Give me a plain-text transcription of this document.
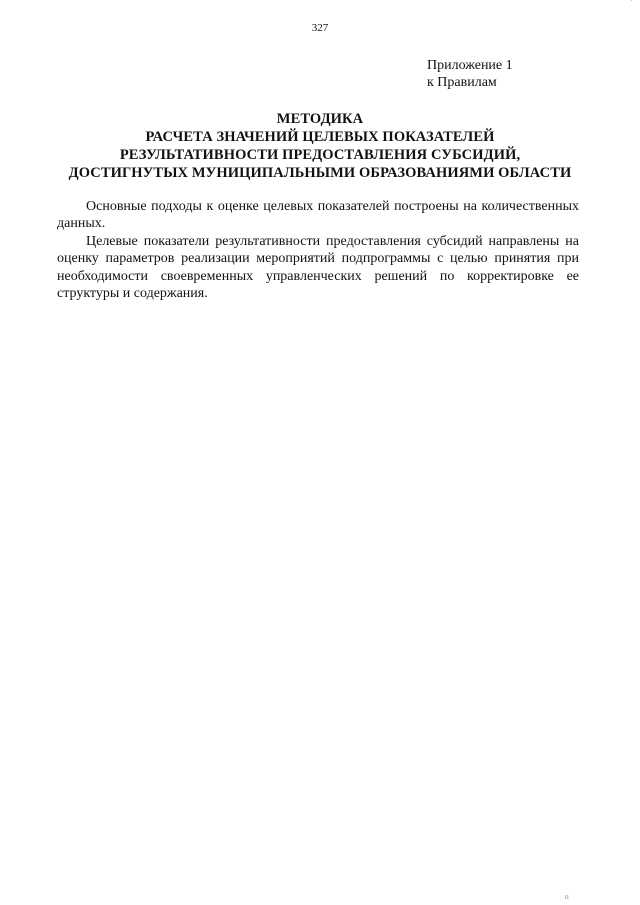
·
327
Приложение 1
к Правилам
МЕТОДИКА
РАСЧЕТА ЗНАЧЕНИЙ ЦЕЛЕВЫХ ПОКАЗАТЕЛЕЙ
РЕЗУЛЬТАТИВНОСТИ ПРЕДОСТАВЛЕНИЯ СУБСИДИЙ,
ДОСТИГНУТЫХ МУНИЦИПАЛЬНЫМИ ОБРАЗОВАНИЯМИ ОБЛАСТИ

Основные подходы к оценке целевых показателей построены на количественных данных.

Целевые показатели результативности предоставления субсидий направлены на оценку параметров реализации мероприятий подпрограммы с целью принятия при необходимости своевременных управленческих решений по корректировке ее структуры и содержания.

п
